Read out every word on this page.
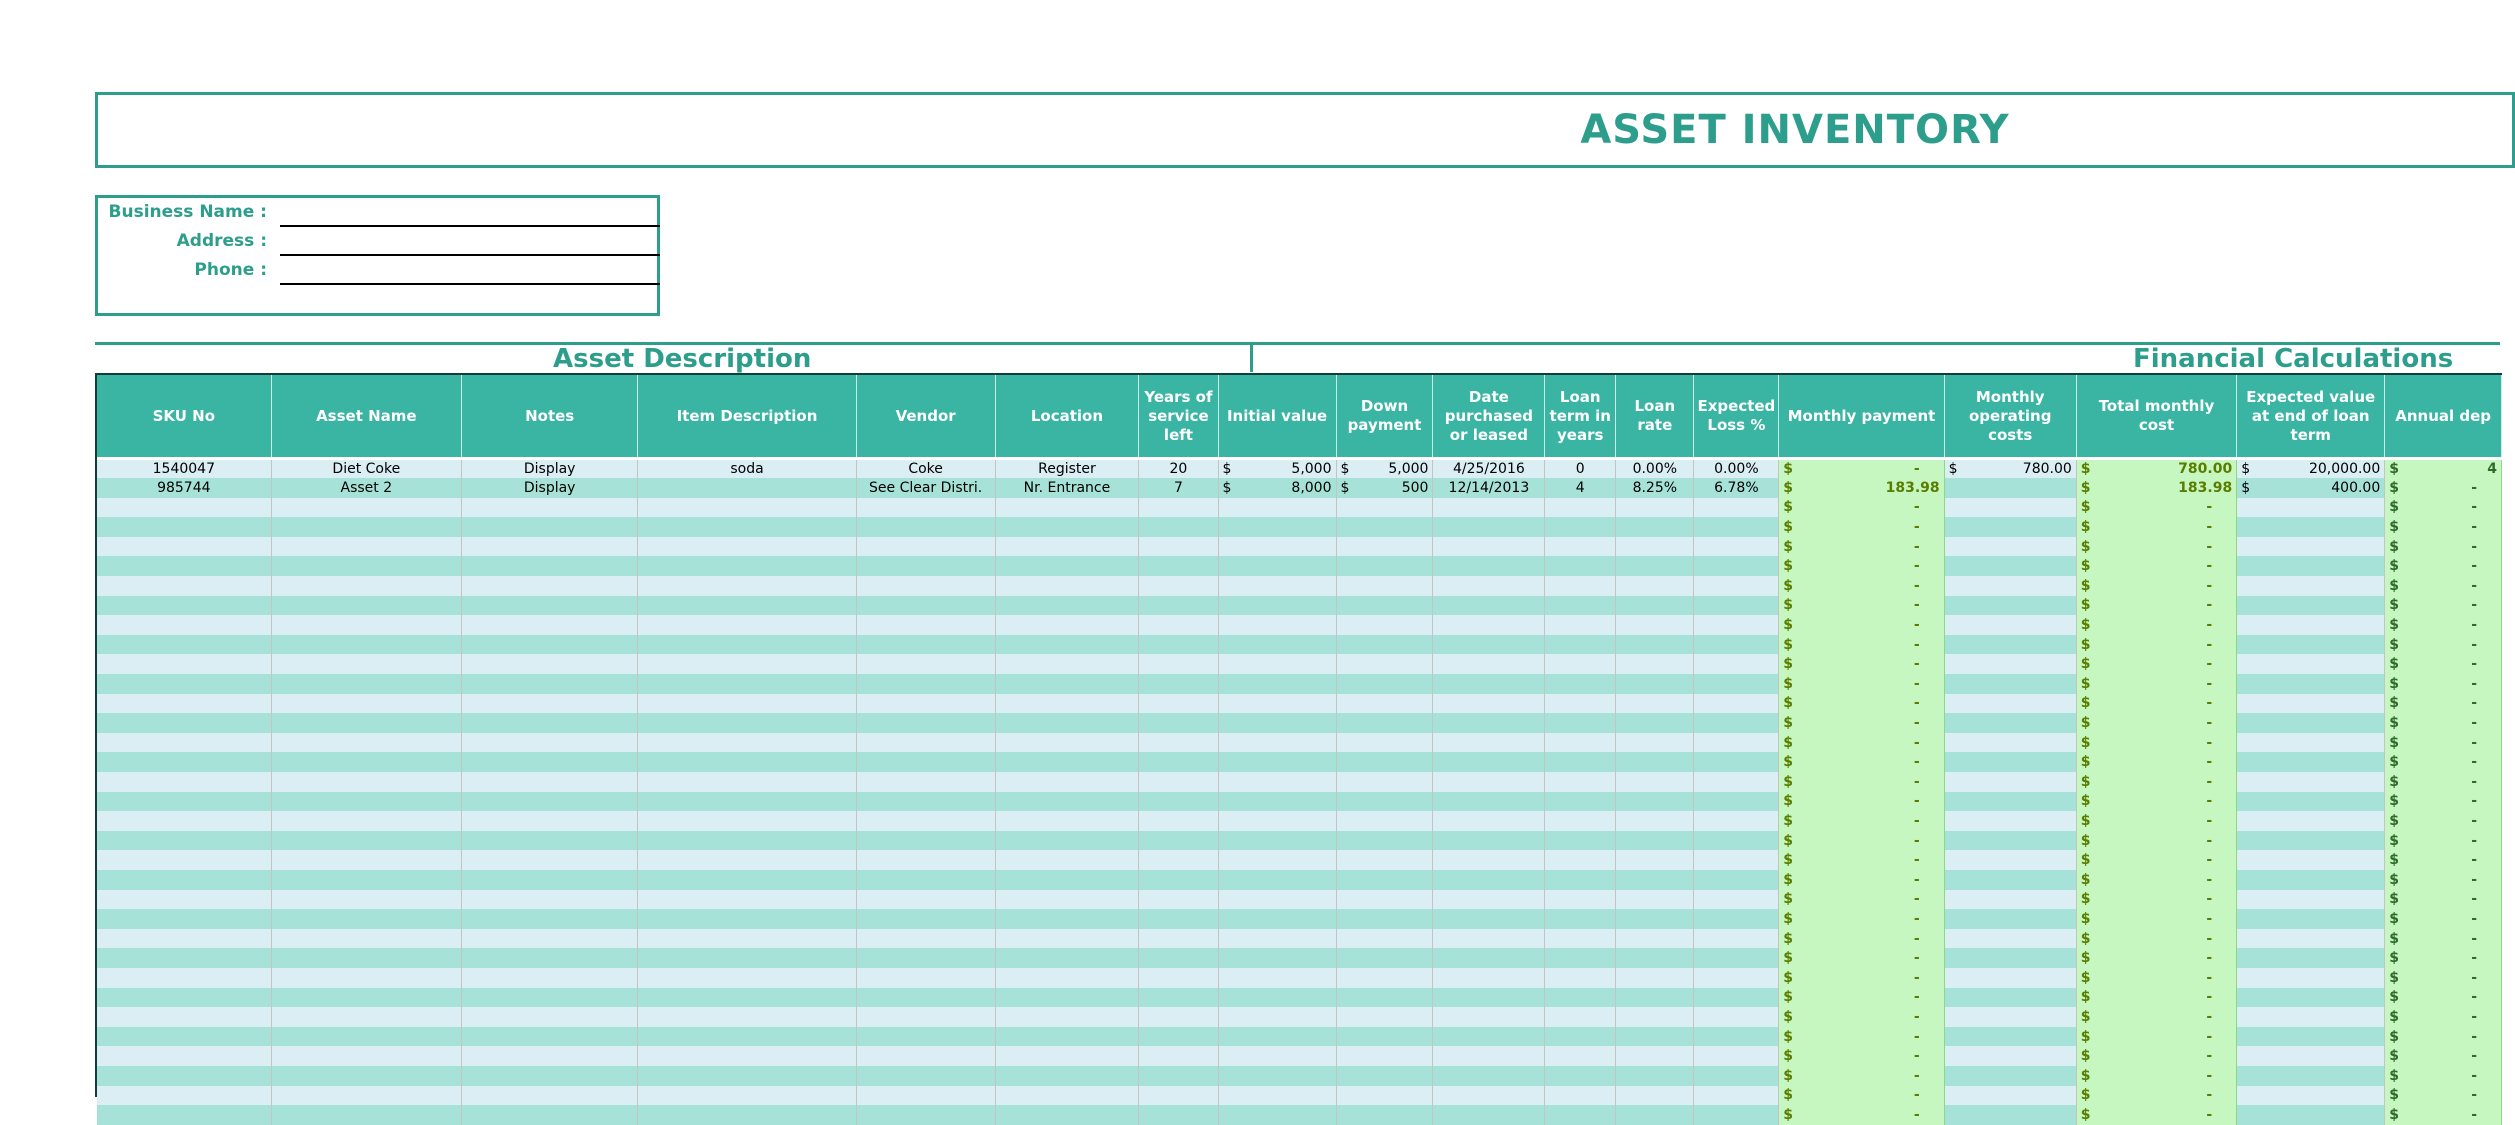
ASSET INVENTORY
Business Name :
Address :
Phone :
Asset Description	Financial Calculations
SKU No	Asset Name	Notes	Item Description	Vendor	Location	Years of service left	Initial value	Down payment	Date purchased or leased	Loan term in years	Loan rate	Expected Loss %	Monthly payment	Monthly operating costs	Total monthly cost	Expected value at end of loan term	Annual dep
1540047	Diet Coke	Display	soda	Coke	Register	20	$ 5,000	$ 5,000	4/25/2016	0	0.00%	0.00%	$ -	$ 780.00	$ 780.00	$ 20,000.00	$ 4

985744	Asset 2	Display		See Clear Distri.	Nr. Entrance	7	$ 8,000	$ 500	12/14/2013	4	8.25%	6.78%	$ 183.98		$ 183.98	$ 400.00	$ -

													$ -		$ -		$ -

													$ -		$ -		$ -

													$ -		$ -		$ -

													$ -		$ -		$ -

													$ -		$ -		$ -

													$ -		$ -		$ -

													$ -		$ -		$ -

													$ -		$ -		$ -

													$ -		$ -		$ -

													$ -		$ -		$ -

													$ -		$ -		$ -

													$ -		$ -		$ -

													$ -		$ -		$ -

													$ -		$ -		$ -

													$ -		$ -		$ -

													$ -		$ -		$ -

													$ -		$ -		$ -

													$ -		$ -		$ -

													$ -		$ -		$ -

													$ -		$ -		$ -

													$ -		$ -		$ -

													$ -		$ -		$ -

													$ -		$ -		$ -

													$ -		$ -		$ -

													$ -		$ -		$ -

													$ -		$ -		$ -

													$ -		$ -		$ -

													$ -		$ -		$ -

													$ -		$ -		$ -

													$ -		$ -		$ -

													$ -		$ -		$ -

													$ -		$ -		$ -
